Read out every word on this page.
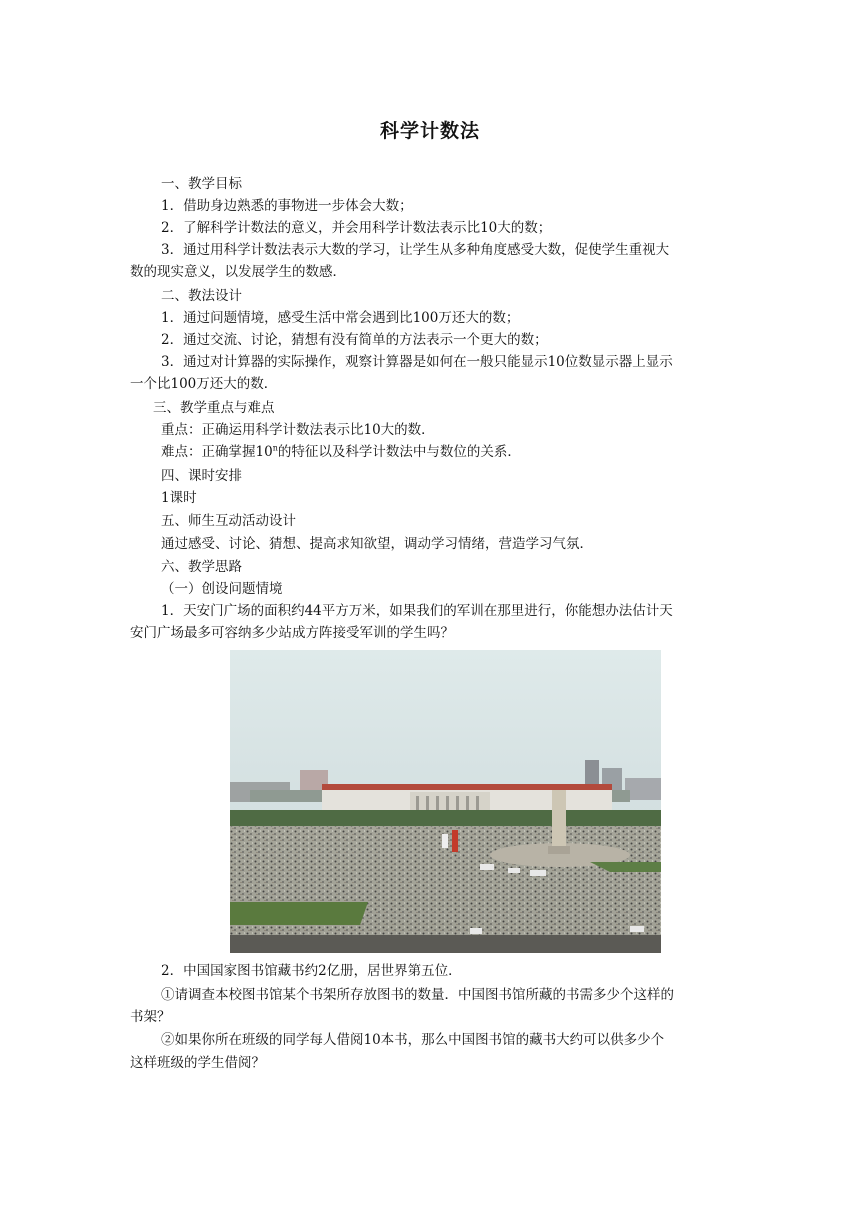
科学计数法
一、教学目标
1．借助身边熟悉的事物进一步体会大数；
2．了解科学计数法的意义，并会用科学计数法表示比10大的数；
3．通过用科学计数法表示大数的学习，让学生从多种角度感受大数，促使学生重视大
数的现实意义，以发展学生的数感．
二、教法设计
1．通过问题情境，感受生活中常会遇到比100万还大的数；
2．通过交流、讨论，猜想有没有简单的方法表示一个更大的数；
3．通过对计算器的实际操作，观察计算器是如何在一般只能显示10位数显示器上显示
一个比100万还大的数．
三、教学重点与难点
重点：正确运用科学计数法表示比10大的数．
难点：正确掌握10$^n$的特征以及科学计数法中与数位的关系．
四、课时安排
1课时
五、师生互动活动设计
通过感受、讨论、猜想、提高求知欲望，调动学习情绪，营造学习气氛．
六、教学思路
（一）创设问题情境
1．天安门广场的面积约44平方万米，如果我们的军训在那里进行，你能想办法估计天
安门广场最多可容纳多少站成方阵接受军训的学生吗？
2．中国国家图书馆藏书约2亿册，居世界第五位．
①请调查本校图书馆某个书架所存放图书的数量．中国图书馆所藏的书需多少个这样的
书架？
②如果你所在班级的同学每人借阅10本书，那么中国图书馆的藏书大约可以供多少个
这样班级的学生借阅？
